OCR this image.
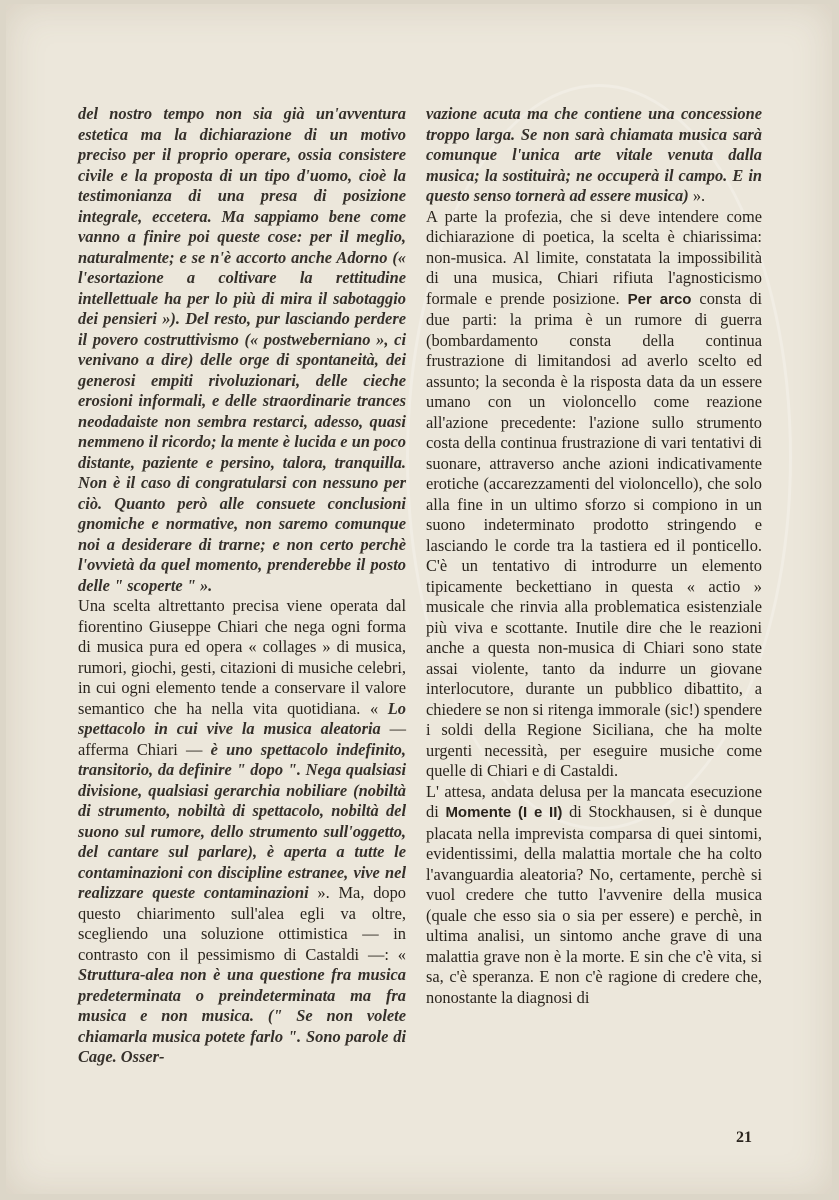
del nostro tempo non sia già un'avventura estetica ma la dichiarazione di un motivo preciso per il proprio operare, ossia consistere civile e la proposta di un tipo d'uomo, cioè la testimonianza di una presa di posizione integrale, eccetera. Ma sappiamo bene come vanno a finire poi queste cose: per il meglio, naturalmente; e se n'è accorto anche Adorno (« l'esortazione a coltivare la rettitudine intellettuale ha per lo più di mira il sabotaggio dei pensieri »). Del resto, pur lasciando perdere il povero costruttivismo (« postweberniano », ci venivano a dire) delle orge di spontaneità, dei generosi empiti rivoluzionari, delle cieche erosioni informali, e delle straordinarie trances neodadaiste non sembra restarci, adesso, quasi nemmeno il ricordo; la mente è lucida e un poco distante, paziente e persino, talora, tranquilla. Non è il caso di congratularsi con nessuno per ciò. Quanto però alle consuete conclusioni gnomiche e normative, non saremo comunque noi a desiderare di trarne; e non certo perchè l'ovvietà da quel momento, prenderebbe il posto delle " scoperte " ».

Una scelta altrettanto precisa viene operata dal fiorentino Giuseppe Chiari che nega ogni forma di musica pura ed opera « collages » di musica, rumori, giochi, gesti, citazioni di musiche celebri, in cui ogni elemento tende a conservare il valore semantico che ha nella vita quotidiana. « Lo spettacolo in cui vive la musica aleatoria — afferma Chiari — è uno spettacolo indefinito, transitorio, da definire " dopo ". Nega qualsiasi divisione, qualsiasi gerarchia nobiliare (nobiltà di strumento, nobiltà di spettacolo, nobiltà del suono sul rumore, dello strumento sull'oggetto, del cantare sul parlare), è aperta a tutte le contaminazioni con discipline estranee, vive nel realizzare queste contaminazioni ». Ma, dopo questo chiarimento sull'alea egli va oltre, scegliendo una soluzione ottimistica — in contrasto con il pessimismo di Castaldi —: « Struttura-alea non è una questione fra musica predeterminata o preindeterminata ma fra musica e non musica. (" Se non volete chiamarla musica potete farlo ". Sono parole di Cage. Osser-

vazione acuta ma che contiene una concessione troppo larga. Se non sarà chiamata musica sarà comunque l'unica arte vitale venuta dalla musica; la sostituirà; ne occuperà il campo. E in questo senso tornerà ad essere musica) ».

A parte la profezia, che si deve intendere come dichiarazione di poetica, la scelta è chiarissima: non-musica. Al limite, constatata la impossibilità di una musica, Chiari rifiuta l'agnosticismo formale e prende posizione. Per arco consta di due parti: la prima è un rumore di guerra (bombardamento consta della continua frustrazione di limitandosi ad averlo scelto ed assunto; la seconda è la risposta data da un essere umano con un violoncello come reazione all'azione precedente: l'azione sullo strumento costa della continua frustrazione di vari tentativi di suonare, attraverso anche azioni indicativamente erotiche (accarezzamenti del violoncello), che solo alla fine in un ultimo sforzo si compiono in un suono indeterminato prodotto stringendo e lasciando le corde tra la tastiera ed il ponticello. C'è un tentativo di introdurre un elemento tipicamente beckettiano in questa « actio » musicale che rinvia alla problematica esistenziale più viva e scottante. Inutile dire che le reazioni anche a questa non-musica di Chiari sono state assai violente, tanto da indurre un giovane interlocutore, durante un pubblico dibattito, a chiedere se non si ritenga immorale (sic!) spendere i soldi della Regione Siciliana, che ha molte urgenti necessità, per eseguire musiche come quelle di Chiari e di Castaldi.

L' attesa, andata delusa per la mancata esecuzione di Momente (I e II) di Stockhausen, si è dunque placata nella imprevista comparsa di quei sintomi, evidentissimi, della malattia mortale che ha colto l'avanguardia aleatoria? No, certamente, perchè si vuol credere che tutto l'avvenire della musica (quale che esso sia o sia per essere) e perchè, in ultima analisi, un sintomo anche grave di una malattia grave non è la morte. E sin che c'è vita, si sa, c'è speranza. E non c'è ragione di credere che, nonostante la diagnosi di

21
